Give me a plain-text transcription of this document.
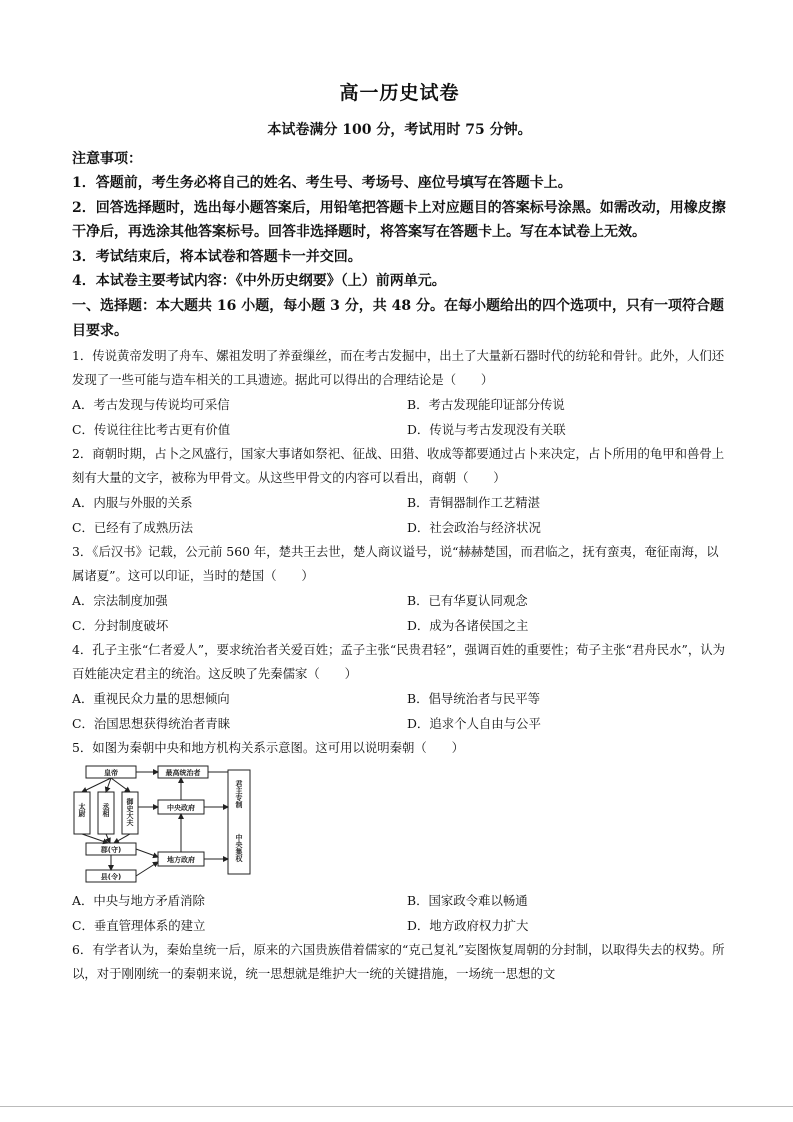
高一历史试卷

本试卷满分 100 分，考试用时 75 分钟。

注意事项：

1．答题前，考生务必将自己的姓名、考生号、考场号、座位号填写在答题卡上。

2．回答选择题时，选出每小题答案后，用铅笔把答题卡上对应题目的答案标号涂黑。如需改动，用橡皮擦干净后，再选涂其他答案标号。回答非选择题时，将答案写在答题卡上。写在本试卷上无效。

3．考试结束后，将本试卷和答题卡一并交回。

4．本试卷主要考试内容：《中外历史纲要》（上）前两单元。

一、选择题：本大题共 16 小题，每小题 3 分，共 48 分。在每小题给出的四个选项中，只有一项符合题目要求。

1．传说黄帝发明了舟车、嫘祖发明了养蚕缫丝，而在考古发掘中，出土了大量新石器时代的纺轮和骨针。此外，人们还发现了一些可能与造车相关的工具遗迹。据此可以得出的合理结论是（　　）

A．考古发现与传说均可采信	B．考古发现能印证部分传说
C．传说往往比考古更有价值	D．传说与考古发现没有关联

2．商朝时期，占卜之风盛行，国家大事诸如祭祀、征战、田猎、收成等都要通过占卜来决定，占卜所用的龟甲和兽骨上刻有大量的文字，被称为甲骨文。从这些甲骨文的内容可以看出，商朝（　　）

A．内服与外服的关系	B．青铜器制作工艺精湛
C．已经有了成熟历法	D．社会政治与经济状况

3．《后汉书》记载，公元前 560 年，楚共王去世，楚人商议谥号，说“赫赫楚国，而君临之，抚有蛮夷，奄征南海，以属诸夏”。这可以印证，当时的楚国（　　）

A．宗法制度加强	B．已有华夏认同观念
C．分封制度破坏	D．成为各诸侯国之主

4．孔子主张“仁者爱人”，要求统治者关爱百姓；孟子主张“民贵君轻”，强调百姓的重要性；荀子主张“君舟民水”，认为百姓能决定君主的统治。这反映了先秦儒家（　　）

A．重视民众力量的思想倾向	B．倡导统治者与民平等
C．治国思想获得统治者青睐	D．追求个人自由与公平

5．如图为秦朝中央和地方机构关系示意图。这可用以说明秦朝（　　）

皇帝	最高统治者
太尉 丞相 御史大夫	中央政府
郡(守)
地方政府
县(令)
君主专制
中央集权
A．中央与地方矛盾消除	B．国家政令难以畅通
C．垂直管理体系的建立	D．地方政府权力扩大

6．有学者认为，秦始皇统一后，原来的六国贵族借着儒家的“克己复礼”妄图恢复周朝的分封制，以取得失去的权势。所以，对于刚刚统一的秦朝来说，统一思想就是维护大一统的关键措施，一场统一思想的文
